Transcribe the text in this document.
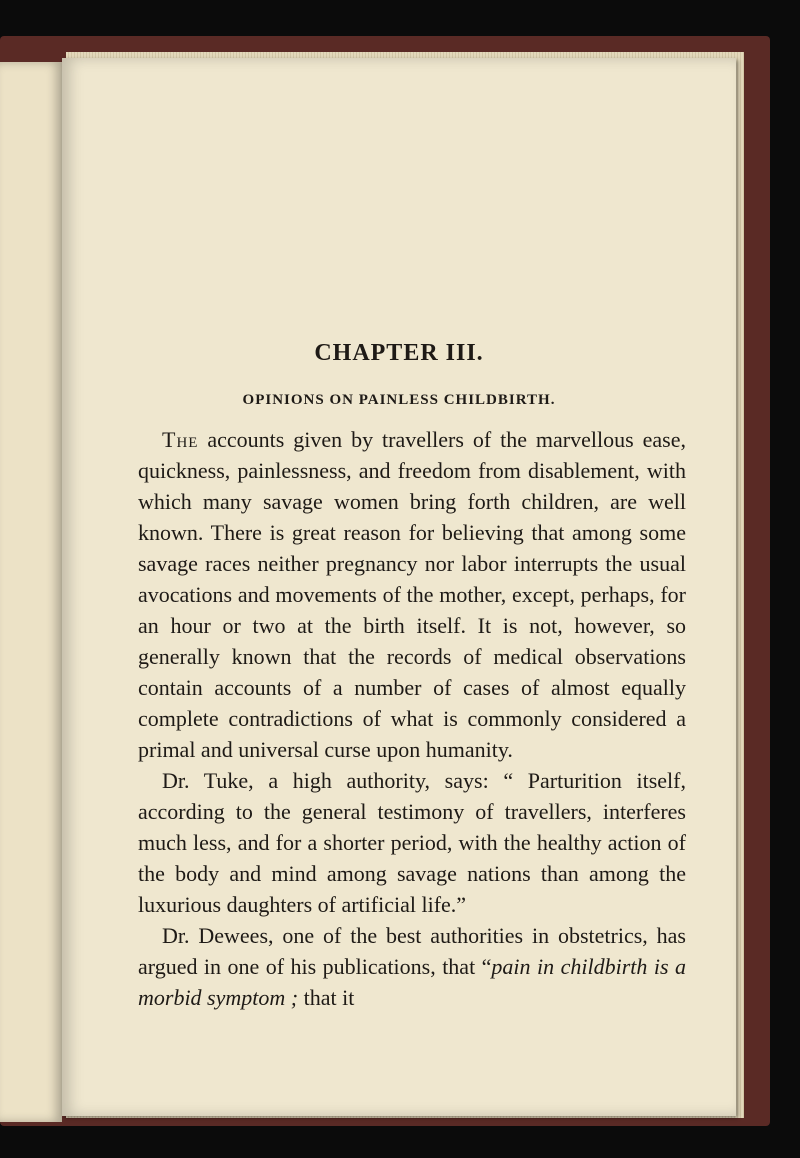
CHAPTER III.
OPINIONS ON PAINLESS CHILDBIRTH.

The accounts given by travellers of the marvellous ease, quickness, painlessness, and freedom from disablement, with which many savage women bring forth children, are well known. There is great reason for believing that among some savage races neither pregnancy nor labor interrupts the usual avocations and movements of the mother, except, perhaps, for an hour or two at the birth itself. It is not, however, so generally known that the records of medical observations contain accounts of a number of cases of almost equally complete contradictions of what is commonly considered a primal and universal curse upon humanity.

Dr. Tuke, a high authority, says: “ Parturition itself, according to the general testimony of travellers, interferes much less, and for a shorter period, with the healthy action of the body and mind among savage nations than among the luxurious daughters of artificial life.”

Dr. Dewees, one of the best authorities in obstetrics, has argued in one of his publications, that “pain in childbirth is a morbid symptom ; that it
